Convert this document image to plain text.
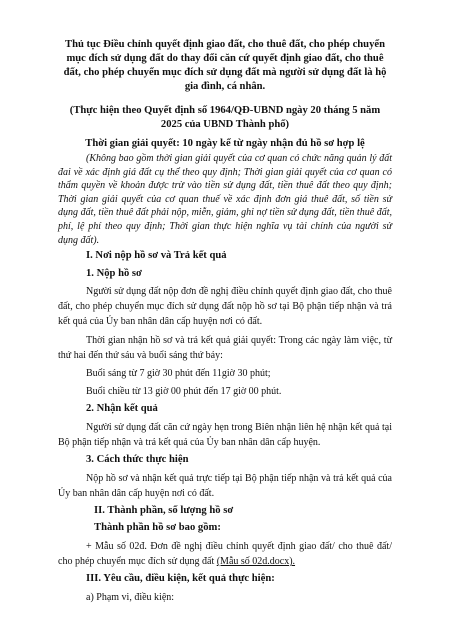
Thủ tục Điều chỉnh quyết định giao đất, cho thuê đất, cho phép chuyển mục đích sử dụng đất do thay đổi căn cứ quyết định giao đất, cho thuê đất, cho phép chuyển mục đích sử dụng đất mà người sử dụng đất là hộ gia đình, cá nhân.
(Thực hiện theo Quyết định số 1964/QĐ-UBND ngày 20 tháng 5 năm 2025 của UBND Thành phố)
Thời gian giải quyết: 10 ngày kể từ ngày nhận đủ hồ sơ hợp lệ
(Không bao gồm thời gian giải quyết của cơ quan có chức năng quản lý đất đai về xác định giá đất cụ thể theo quy định; Thời gian giải quyết của cơ quan có thẩm quyền về khoản được trừ vào tiền sử dụng đất, tiền thuê đất theo quy định; Thời gian giải quyết của cơ quan thuế về xác định đơn giá thuê đất, số tiền sử dụng đất, tiền thuê đất phải nộp, miễn, giảm, ghi nợ tiền sử dụng đất, tiền thuê đất, phí, lệ phí theo quy định; Thời gian thực hiện nghĩa vụ tài chính của người sử dụng đất).
I. Nơi nộp hồ sơ và Trả kết quả
1. Nộp hồ sơ
Người sử dụng đất nộp đơn đề nghị điều chỉnh quyết định giao đất, cho thuê đất, cho phép chuyển mục đích sử dụng đất nộp hồ sơ tại Bộ phận tiếp nhận và trả kết quả của Ủy ban nhân dân cấp huyện nơi có đất.
Thời gian nhận hồ sơ và trả kết quả giải quyết: Trong các ngày làm việc, từ thứ hai đến thứ sáu và buổi sáng thứ bảy:
Buổi sáng từ 7 giờ 30 phút đến 11giờ 30 phút;
Buổi chiều từ 13 giờ 00 phút đến 17 giờ 00 phút.
2. Nhận kết quả
Người sử dụng đất căn cứ ngày hẹn trong Biên nhận liên hệ nhận kết quả tại Bộ phận tiếp nhận và trả kết quả của Ủy ban nhân dân cấp huyện.
3. Cách thức thực hiện
Nộp hồ sơ và nhận kết quả trực tiếp tại Bộ phận tiếp nhận và trả kết quả của Ủy ban nhân dân cấp huyện nơi có đất.
II. Thành phần, số lượng hồ sơ
Thành phần hồ sơ bao gồm:
+ Mẫu số 02đ. Đơn đề nghị điều chỉnh quyết định giao đất/ cho thuê đất/ cho phép chuyển mục đích sử dụng đất (Mẫu số 02d.docx).
III. Yêu cầu, điều kiện, kết quả thực hiện:
a) Phạm vi, điều kiện:
